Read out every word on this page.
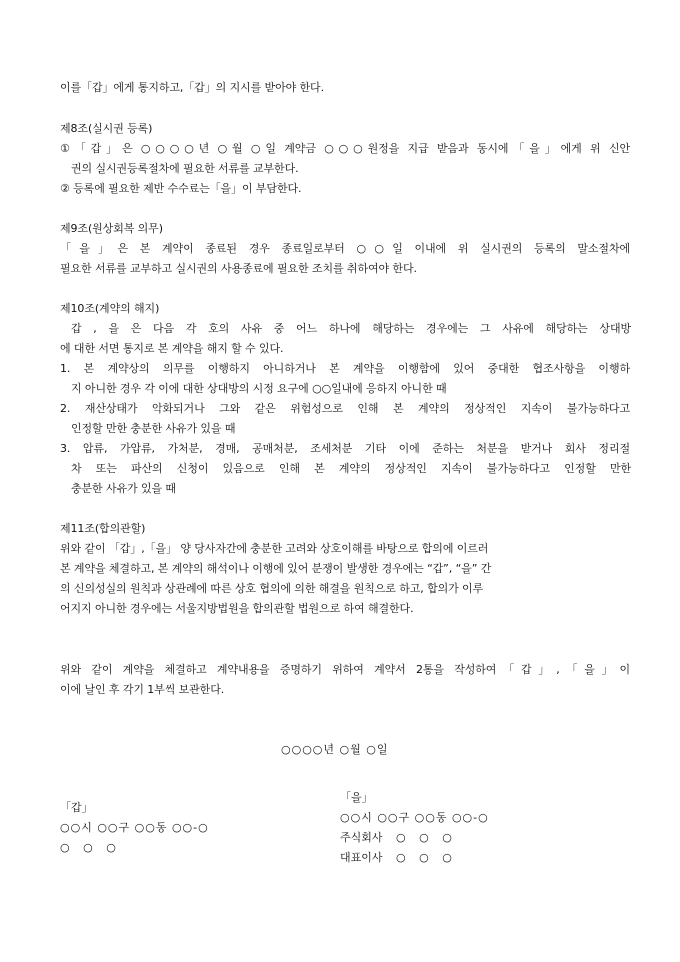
이를「갑」에게 통지하고,「갑」의 지시를 받아야 한다.
제8조(실시권 등록)
①「갑」은 ○○○○년 ○월 ○일 계약금 ○○○원정을 지급 받음과 동시에「을」에게 위 신안
권의 실시권등록절차에 필요한 서류를 교부한다.
② 등록에 필요한 제반 수수료는「을」이 부담한다.
제9조(원상회복 의무)
「을」은 본 계약이 종료된 경우 종료일로부터 ○○일 이내에 위 실시권의 등록의 말소절차에
필요한 서류를 교부하고 실시권의 사용종료에 필요한 조치를 취하여야 한다.
제10조(계약의 해지)
갑 , 을 은 다음 각 호의 사유 중 어느 하나에 해당하는 경우에는 그 사유에 해당하는 상대방
에 대한 서면 통지로 본 계약을 해지 할 수 있다.
1. 본 계약상의 의무를 이행하지 아니하거나 본 계약을 이행함에 있어 중대한 협조사항을 이행하
지 아니한 경우 각 이에 대한 상대방의 시정 요구에 ○○일내에 응하지 아니한 때
2. 재산상태가 악화되거나 그와 같은 위험성으로 인해 본 계약의 정상적인 지속이 불가능하다고
인정할 만한 충분한 사유가 있을 때
3. 압류, 가압류, 가처분, 경매, 공매처분, 조세처분 기타 이에 준하는 처분을 받거나 회사 정리절
차 또는 파산의 신청이 있음으로 인해 본 계약의 정상적인 지속이 불가능하다고 인정할 만한
충분한 사유가 있을 때
제11조(합의관할)
위와 같이 「갑」,「을」 양 당사자간에 충분한 고려와 상호이해를 바탕으로 합의에 이르러
본 계약을 체결하고, 본 계약의 해석이나 이행에 있어 분쟁이 발생한 경우에는 “갑”, “을” 간
의 신의성실의 원칙과 상관례에 따른 상호 협의에 의한 해결을 원칙으로 하고, 합의가 이루
어지지 아니한 경우에는 서울지방법원을 합의관할 법원으로 하여 해결한다.
위와 같이 계약을 체결하고 계약내용을 증명하기 위하여 계약서 2통을 작성하여「갑」,「을」이
이에 날인 후 각기 1부씩 보관한다.
○○○○년 ○월 ○일
「갑」
○○시 ○○구 ○○동 ○○-○
○ ○ ○
「을」
○○시 ○○구 ○○동 ○○-○
주식회사 ○ ○ ○
대표이사 ○ ○ ○
